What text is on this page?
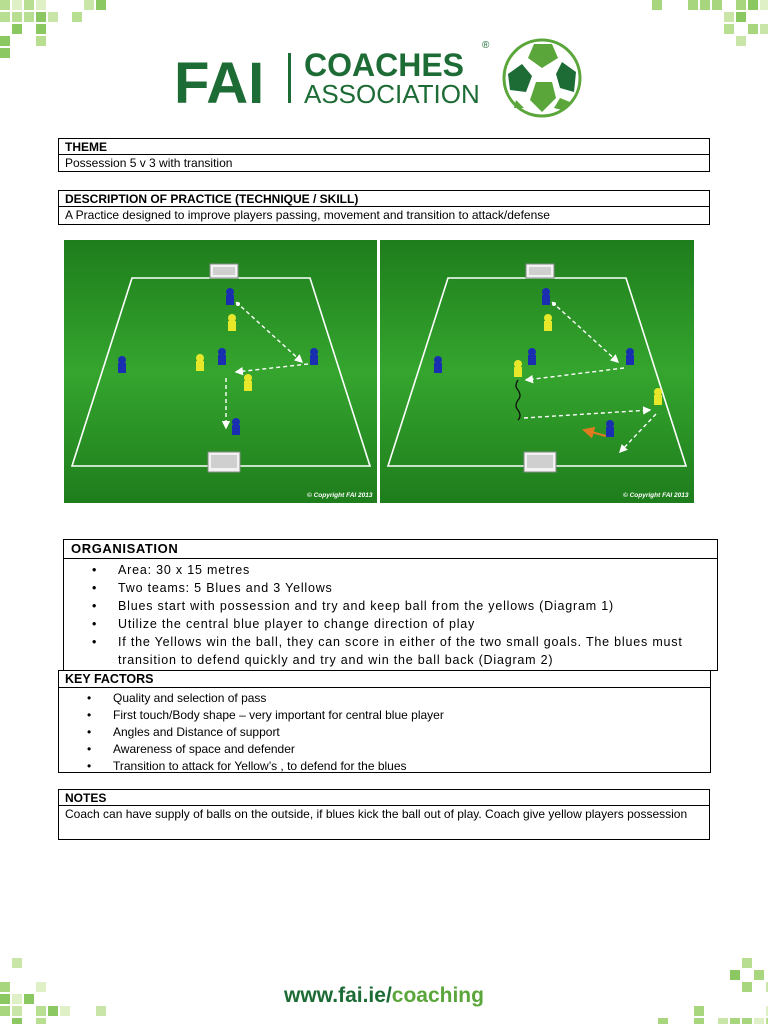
FAI COACHES
ASSOCIATION
®
THEME
Possession 5 v 3 with transition
DESCRIPTION OF PRACTICE (TECHNIQUE / SKILL)
A Practice designed to improve players passing, movement and transition to attack/defense
© Copyright FAI 2013	© Copyright FAI 2013
ORGANISATION
• Area: 30 x 15 metres
• Two teams: 5 Blues and 3 Yellows
• Blues start with possession and try and keep ball from the yellows (Diagram 1)
• Utilize the central blue player to change direction of play
• If the Yellows win the ball, they can score in either of the two small goals. The blues must
transition to defend quickly and try and win the ball back (Diagram 2)
KEY FACTORS
• Quality and selection of pass
• First touch/Body shape – very important for central blue player
• Angles and Distance of support
• Awareness of space and defender
• Transition to attack for Yellow’s , to defend for the blues
NOTES
Coach can have supply of balls on the outside, if blues kick the ball out of play. Coach give yellow players possession
www.fai.ie/coaching
